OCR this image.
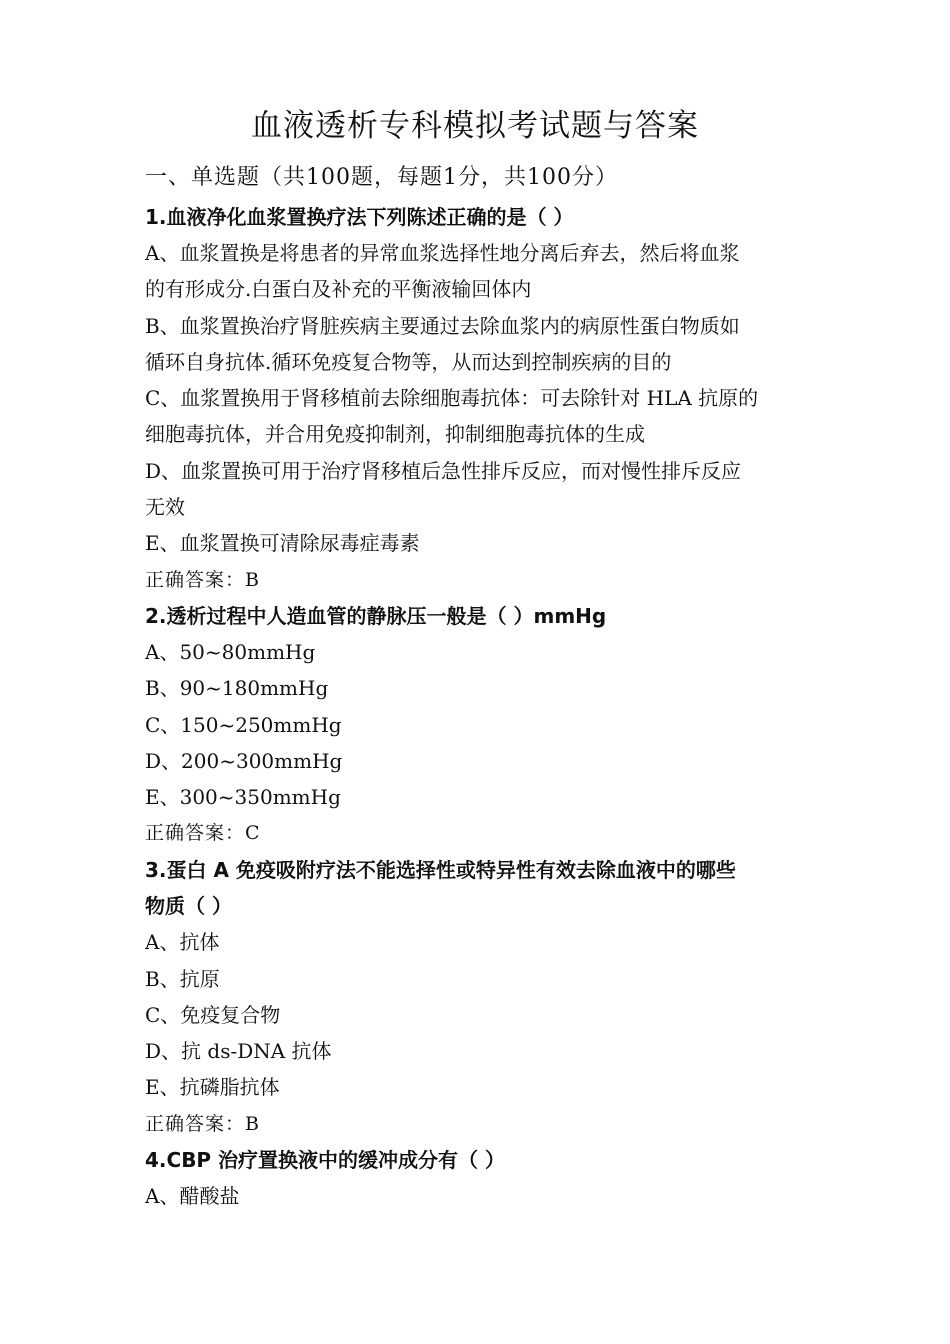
血液透析专科模拟考试题与答案
一、单选题（共100题，每题1分，共100分）
1.血液净化血浆置换疗法下列陈述正确的是（ ）
A、血浆置换是将患者的异常血浆选择性地分离后弃去，然后将血浆
的有形成分.白蛋白及补充的平衡液输回体内
B、血浆置换治疗肾脏疾病主要通过去除血浆内的病原性蛋白物质如
循环自身抗体.循环免疫复合物等，从而达到控制疾病的目的
C、血浆置换用于肾移植前去除细胞毒抗体：可去除针对 HLA 抗原的
细胞毒抗体，并合用免疫抑制剂，抑制细胞毒抗体的生成
D、血浆置换可用于治疗肾移植后急性排斥反应，而对慢性排斥反应
无效
E、血浆置换可清除尿毒症毒素
正确答案：B
2.透析过程中人造血管的静脉压一般是（ ）mmHg
A、50~80mmHg
B、90~180mmHg
C、150~250mmHg
D、200~300mmHg
E、300~350mmHg
正确答案：C
3.蛋白 A 免疫吸附疗法不能选择性或特异性有效去除血液中的哪些
物质（ ）
A、抗体
B、抗原
C、免疫复合物
D、抗 ds-DNA 抗体
E、抗磷脂抗体
正确答案：B
4.CBP 治疗置换液中的缓冲成分有（ ）
A、醋酸盐
